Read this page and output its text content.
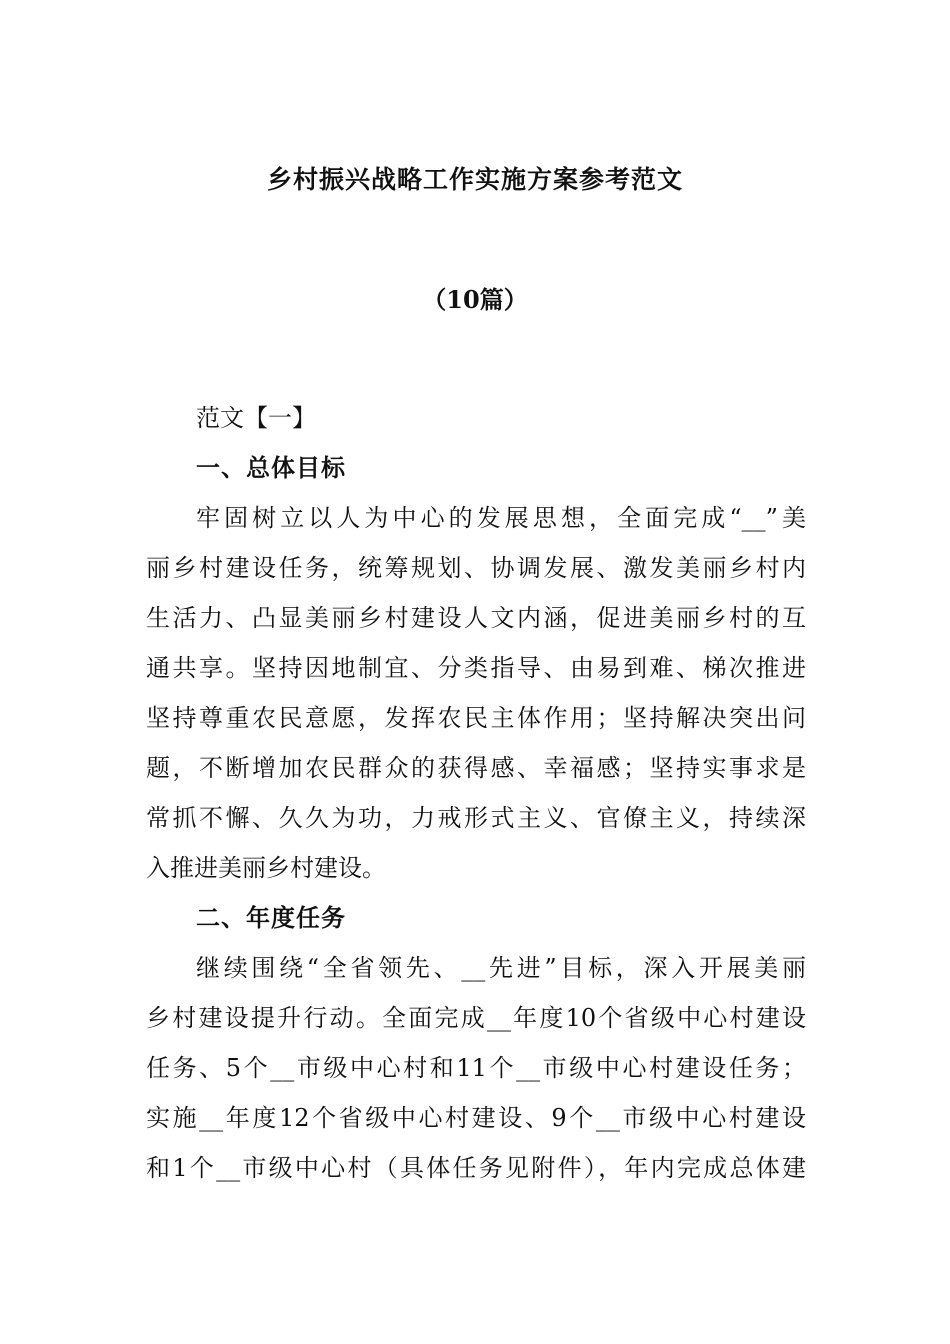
乡村振兴战略工作实施方案参考范文
（10篇）
范文【一】
一、总体目标
牢固树立以人为中心的发展思想，全面完成“__”美
丽乡村建设任务，统筹规划、协调发展、激发美丽乡村内
生活力、凸显美丽乡村建设人文内涵，促进美丽乡村的互
通共享。坚持因地制宜、分类指导、由易到难、梯次推进
坚持尊重农民意愿，发挥农民主体作用；坚持解决突出问
题，不断增加农民群众的获得感、幸福感；坚持实事求是
常抓不懈、久久为功，力戒形式主义、官僚主义，持续深
入推进美丽乡村建设。
二、年度任务
继续围绕“全省领先、__先进”目标，深入开展美丽
乡村建设提升行动。全面完成__年度10个省级中心村建设
任务、5个__市级中心村和11个__市级中心村建设任务；
实施__年度12个省级中心村建设、9个__市级中心村建设
和1个__市级中心村（具体任务见附件），年内完成总体建
